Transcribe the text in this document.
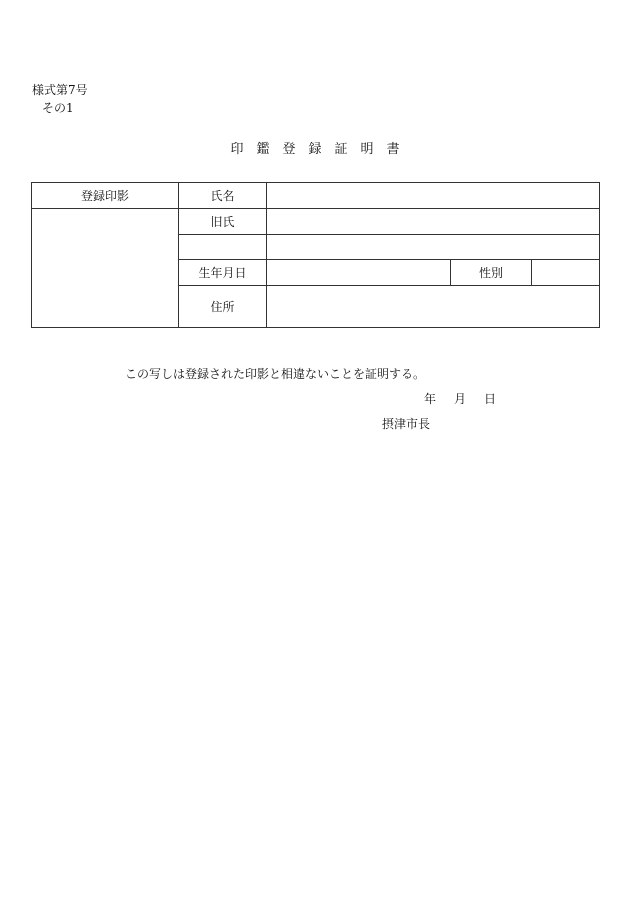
様式第7号
その1
印　鑑　登　録　証　明　書
登録印影	氏名			
	旧氏			

	生年月日		性別	
	住所			
この写しは登録された印影と相違ないことを証明する。
年 月 日
摂津市長
